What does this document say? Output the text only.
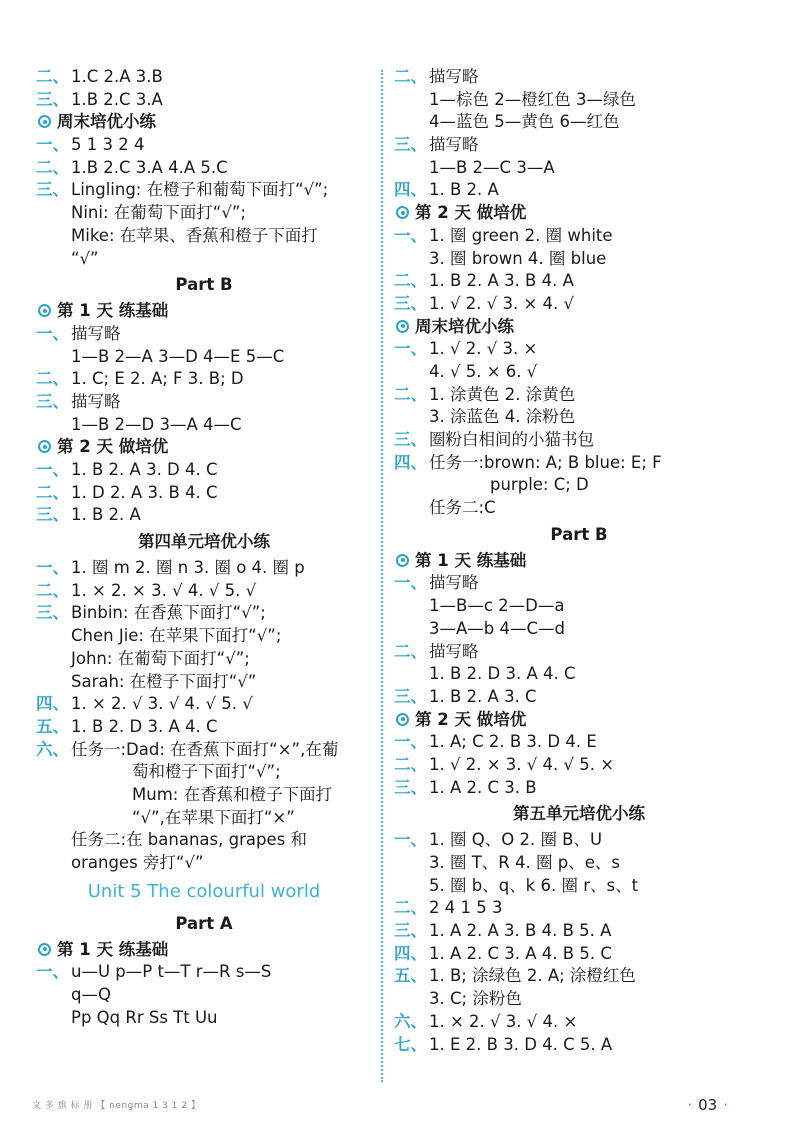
二、 1.C 2.A 3.B
三、 1.B 2.C 3.A
周末培优小练
一、 5 1 3 2 4
二、 1.B 2.C 3.A 4.A 5.C
三、 Lingling: 在橙子和葡萄下面打“√”;
Nini: 在葡萄下面打“√”;
Mike: 在苹果、香蕉和橙子下面打
“√”
Part B
第 1 天 练基础
一、 描写略
1—B 2—A 3—D 4—E 5—C
二、 1. C; E 2. A; F 3. B; D
三、 描写略
1—B 2—D 3—A 4—C
第 2 天 做培优
一、 1. B 2. A 3. D 4. C
二、 1. D 2. A 3. B 4. C
三、 1. B 2. A
第四单元培优小练
一、 1. 圈 m 2. 圈 n 3. 圈 o 4. 圈 p
二、 1. × 2. × 3. √ 4. √ 5. √
三、 Binbin: 在香蕉下面打“√”;
Chen Jie: 在苹果下面打“√”;
John: 在葡萄下面打“√”;
Sarah: 在橙子下面打“√”
四、 1. × 2. √ 3. √ 4. √ 5. √
五、 1. B 2. D 3. A 4. C
六、 任务一:Dad: 在香蕉下面打“×”,在葡
萄和橙子下面打“√”;
Mum: 在香蕉和橙子下面打
“√”,在苹果下面打“×”
任务二:在 bananas, grapes 和
oranges 旁打“√”
Unit 5 The colourful world
Part A
第 1 天 练基础
一、 u—U p—P t—T r—R s—S
q—Q
Pp Qq Rr Ss Tt Uu
二、 描写略
1—棕色 2—橙红色 3—绿色
4—蓝色 5—黄色 6—红色
三、 描写略
1—B 2—C 3—A
四、 1. B 2. A
第 2 天 做培优
一、 1. 圈 green 2. 圈 white
3. 圈 brown 4. 圈 blue
二、 1. B 2. A 3. B 4. A
三、 1. √ 2. √ 3. × 4. √
周末培优小练
一、 1. √ 2. √ 3. ×
4. √ 5. × 6. √
二、 1. 涂黄色 2. 涂黄色
3. 涂蓝色 4. 涂粉色
三、 圈粉白相间的小猫书包
四、 任务一:brown: A; B blue: E; F
purple: C; D
任务二:C
Part B
第 1 天 练基础
一、 描写略
1—B—c 2—D—a
3—A—b 4—C—d
二、 描写略
1. B 2. D 3. A 4. C
三、 1. B 2. A 3. C
第 2 天 做培优
一、 1. A; C 2. B 3. D 4. E
二、 1. √ 2. × 3. √ 4. √ 5. ×
三、 1. A 2. C 3. B
第五单元培优小练
一、 1. 圈 Q、O 2. 圈 B、U
3. 圈 T、R 4. 圈 p、e、s
5. 圈 b、q、k 6. 圈 r、s、t
二、 2 4 1 5 3
三、 1. A 2. A 3. B 4. B 5. A
四、 1. A 2. C 3. A 4. B 5. C
五、 1. B; 涂绿色 2. A; 涂橙红色
3. C; 涂粉色
六、 1. × 2. √ 3. √ 4. ×
七、 1. E 2. B 3. D 4. C 5. A
文 多 旗 标 册 【 nengma 1 3 1 2 】	· 03 ·
